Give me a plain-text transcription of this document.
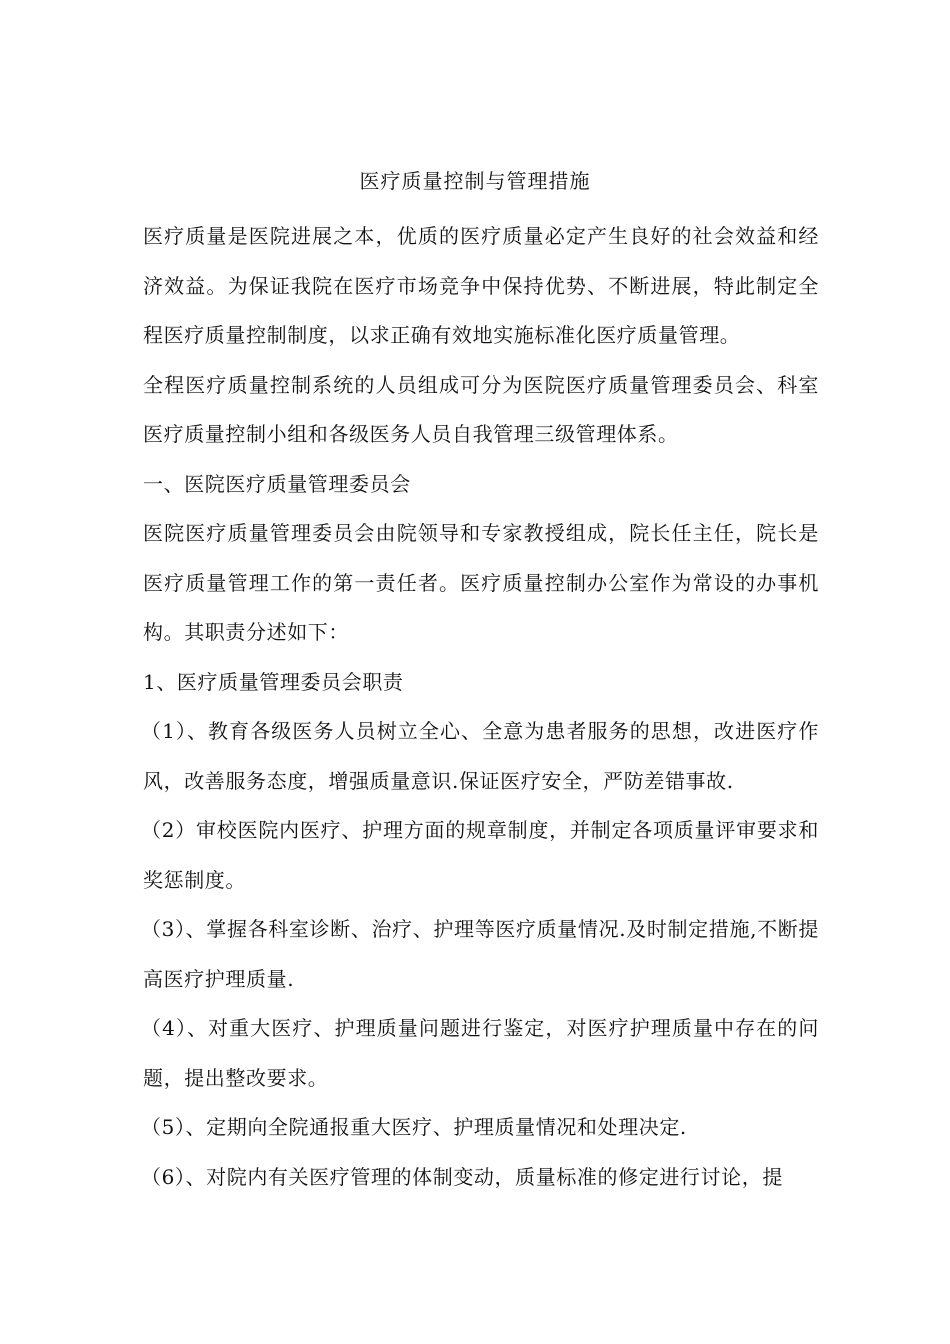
医疗质量控制与管理措施

医疗质量是医院进展之本，优质的医疗质量必定产生良好的社会效益和经济效益。为保证我院在医疗市场竞争中保持优势、不断进展，特此制定全程医疗质量控制制度，以求正确有效地实施标准化医疗质量管理。

全程医疗质量控制系统的人员组成可分为医院医疗质量管理委员会、科室医疗质量控制小组和各级医务人员自我管理三级管理体系。

一、医院医疗质量管理委员会

医院医疗质量管理委员会由院领导和专家教授组成，院长任主任，院长是医疗质量管理工作的第一责任者。医疗质量控制办公室作为常设的办事机构。其职责分述如下：

1、医疗质量管理委员会职责

（1）、教育各级医务人员树立全心、全意为患者服务的思想，改进医疗作风，改善服务态度，增强质量意识.保证医疗安全，严防差错事故.

（2）审校医院内医疗、护理方面的规章制度，并制定各项质量评审要求和奖惩制度。

（3）、掌握各科室诊断、治疗、护理等医疗质量情况.及时制定措施,不断提高医疗护理质量.

（4）、对重大医疗、护理质量问题进行鉴定，对医疗护理质量中存在的问题，提出整改要求。

（5）、定期向全院通报重大医疗、护理质量情况和处理决定.

（6）、对院内有关医疗管理的体制变动，质量标准的修定进行讨论，提
